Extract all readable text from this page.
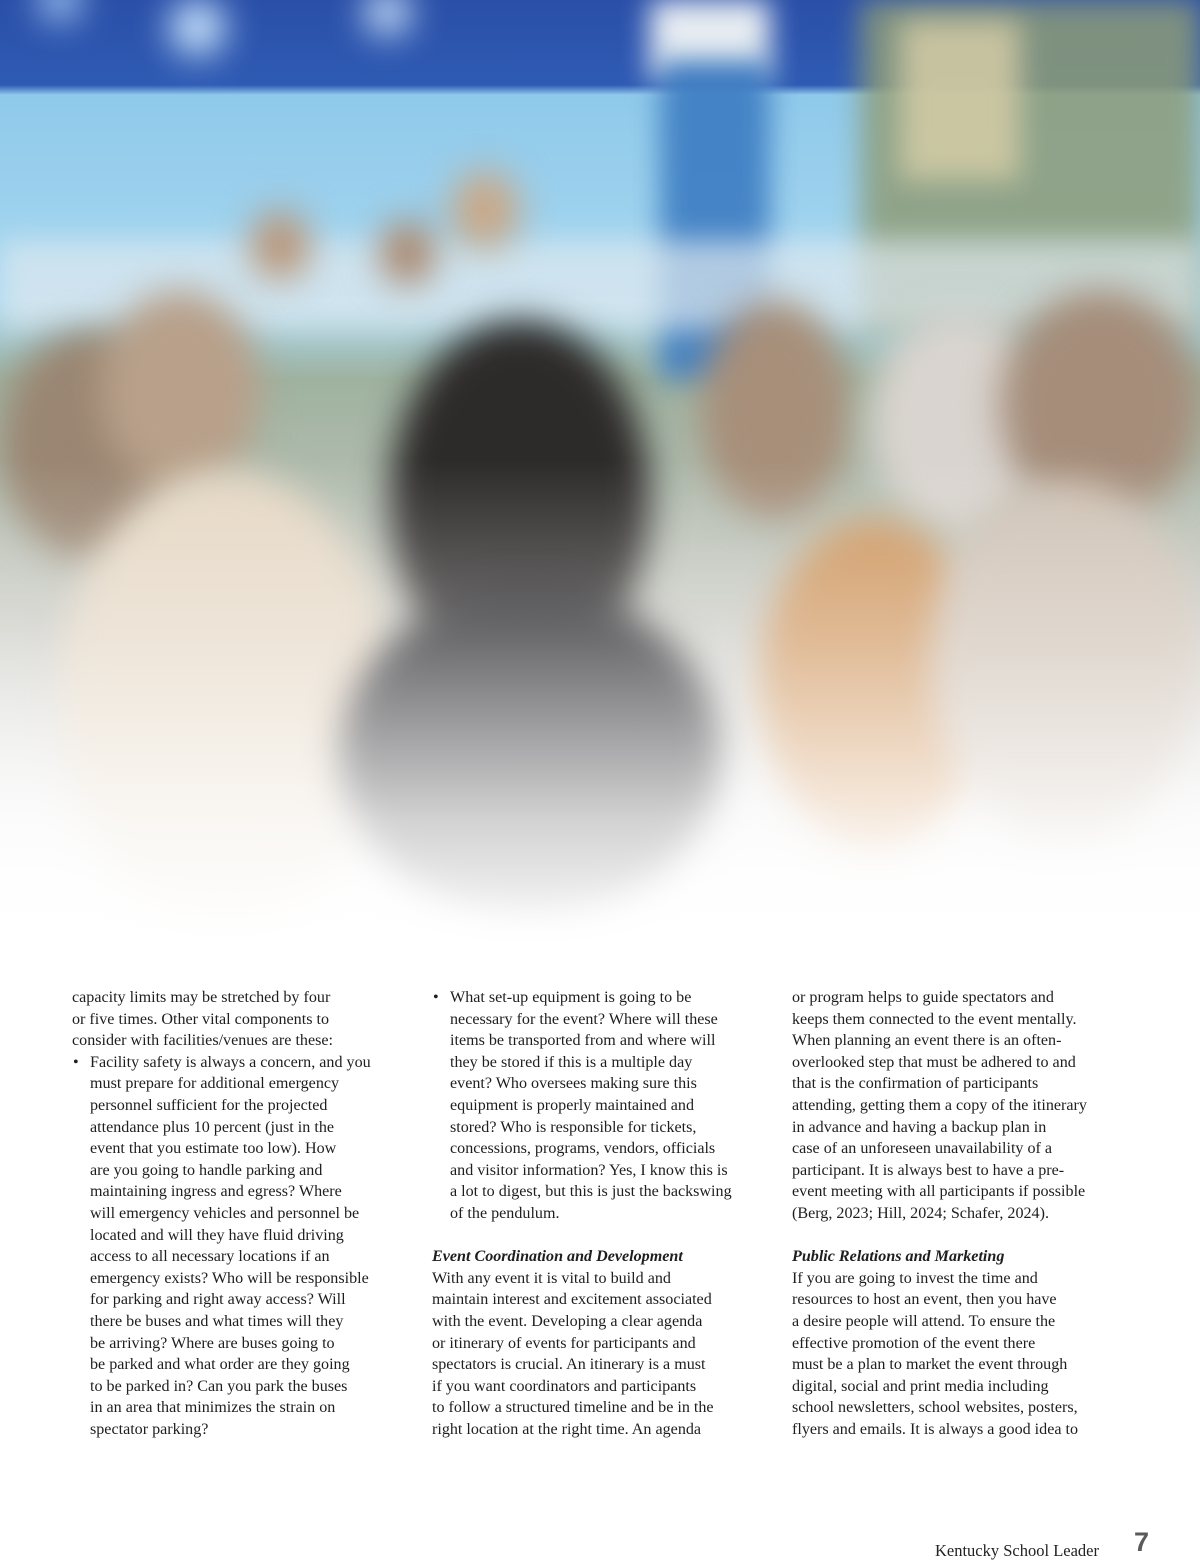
capacity limits may be stretched by four
or five times. Other vital components to
consider with facilities/venues are these:

• Facility safety is always a concern, and you
must prepare for additional emergency
personnel sufficient for the projected
attendance plus 10 percent (just in the
event that you estimate too low). How
are you going to handle parking and
maintaining ingress and egress? Where
will emergency vehicles and personnel be
located and will they have fluid driving
access to all necessary locations if an
emergency exists? Who will be responsible
for parking and right away access? Will
there be buses and what times will they
be arriving? Where are buses going to
be parked and what order are they going
to be parked in? Can you park the buses
in an area that minimizes the strain on
spectator parking?
• What set-up equipment is going to be
necessary for the event? Where will these
items be transported from and where will
they be stored if this is a multiple day
event? Who oversees making sure this
equipment is properly maintained and
stored? Who is responsible for tickets,
concessions, programs, vendors, officials
and visitor information? Yes, I know this is
a lot to digest, but this is just the backswing
of the pendulum.

Event Coordination and Development

With any event it is vital to build and
maintain interest and excitement associated
with the event. Developing a clear agenda
or itinerary of events for participants and
spectators is crucial. An itinerary is a must
if you want coordinators and participants
to follow a structured timeline and be in the
right location at the right time. An agenda

or program helps to guide spectators and
keeps them connected to the event mentally.
When planning an event there is an often-
overlooked step that must be adhered to and
that is the confirmation of participants
attending, getting them a copy of the itinerary
in advance and having a backup plan in
case of an unforeseen unavailability of a
participant. It is always best to have a pre-
event meeting with all participants if possible
(Berg, 2023; Hill, 2024; Schafer, 2024).

Public Relations and Marketing

If you are going to invest the time and
resources to host an event, then you have
a desire people will attend. To ensure the
effective promotion of the event there
must be a plan to market the event through
digital, social and print media including
school newsletters, school websites, posters,
flyers and emails. It is always a good idea to

Kentucky School Leader 7
